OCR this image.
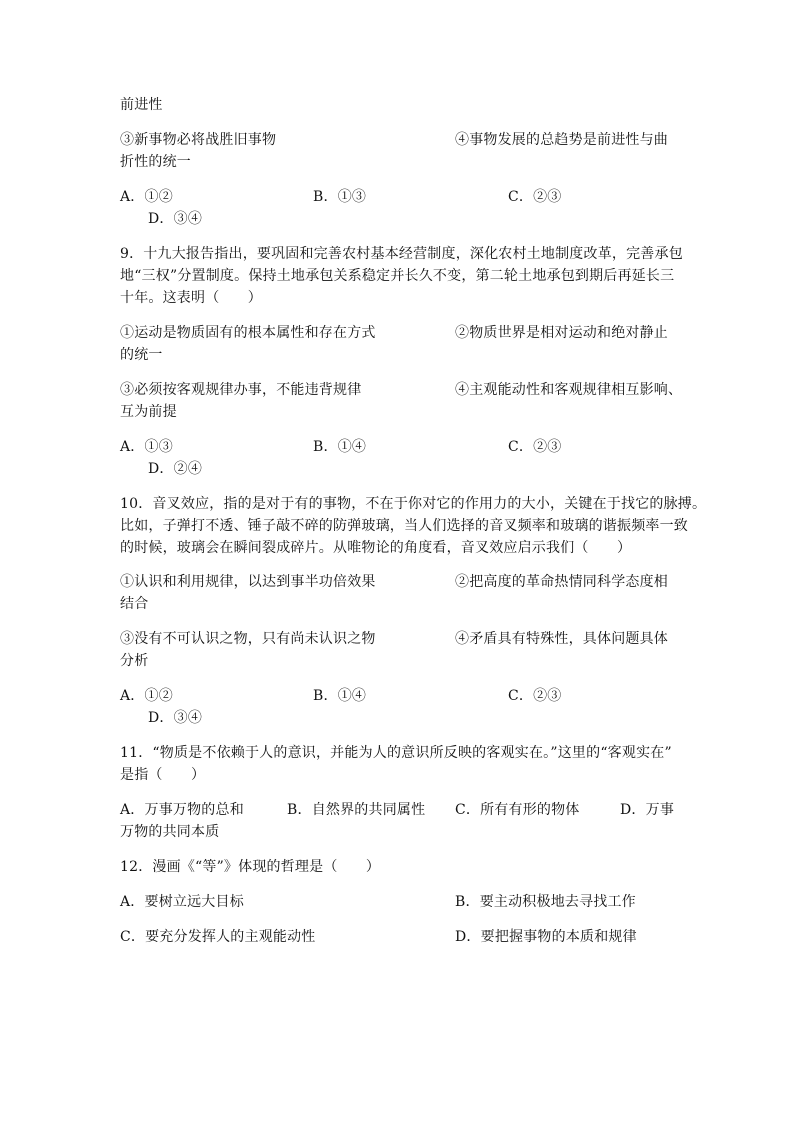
前进性
③新事物必将战胜旧事物	④事物发展的总趋势是前进性与曲
折性的统一
A．①②	B．①③	C．②③
D．③④
9．十九大报告指出，要巩固和完善农村基本经营制度，深化农村土地制度改革，完善承包
地“三权”分置制度。保持土地承包关系稳定并长久不变，第二轮土地承包到期后再延长三
十年。这表明（　　）
①运动是物质固有的根本属性和存在方式	②物质世界是相对运动和绝对静止
的统一
③必须按客观规律办事，不能违背规律	④主观能动性和客观规律相互影响、
互为前提
A．①③	B．①④	C．②③
D．②④
10．音叉效应，指的是对于有的事物，不在于你对它的作用力的大小，关键在于找它的脉搏。
比如，子弹打不透、锤子敲不碎的防弹玻璃，当人们选择的音叉频率和玻璃的谐振频率一致
的时候，玻璃会在瞬间裂成碎片。从唯物论的角度看，音叉效应启示我们（　　）
①认识和利用规律，以达到事半功倍效果	②把高度的革命热情同科学态度相
结合
③没有不可认识之物，只有尚未认识之物	④矛盾具有特殊性，具体问题具体
分析
A．①②	B．①④	C．②③
D．③④
11．“物质是不依赖于人的意识，并能为人的意识所反映的客观实在。”这里的“客观实在”
是指（　　）
A．万事万物的总和	B．自然界的共同属性 C．所有有形的物体	D．万事
万物的共同本质
12．漫画《“等”》体现的哲理是（　　）
A．要树立远大目标	B．要主动积极地去寻找工作
C．要充分发挥人的主观能动性	D．要把握事物的本质和规律
